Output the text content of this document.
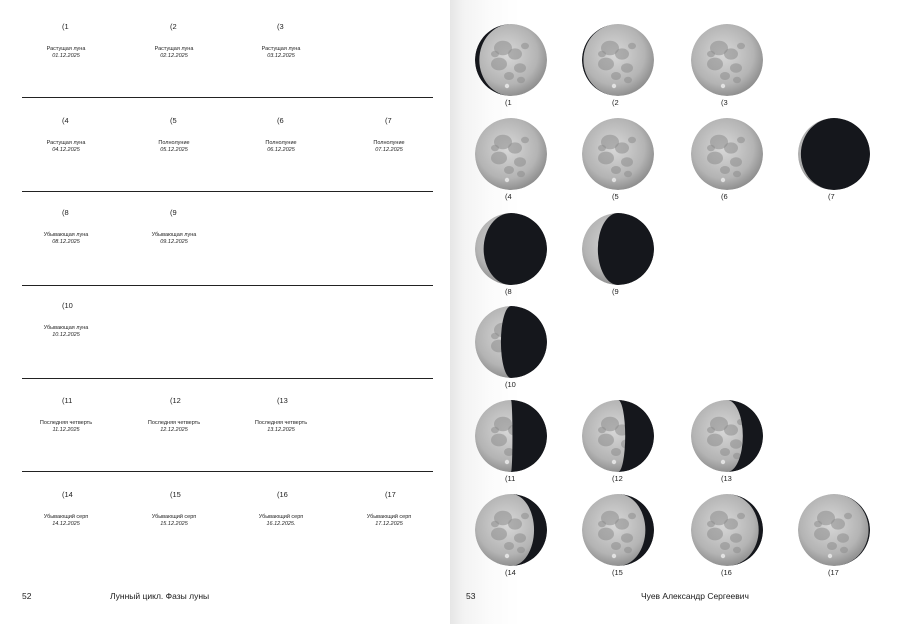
(1
Растущая луна
01.12.2025
(2
Растущая луна
02.12.2025
(3
Растущая луна
03.12.2025
(4
Растущая луна
04.12.2025
(5
Полнолуние
05.12.2025
(6
Полнолуние
06.12.2025
(7
Полнолуние
07.12.2025
(8
Убывающая луна
08.12.2025
(9
Убывающая луна
09.12.2025
(10
Убывающая луна
10.12.2025
(11
Последняя четверть
11.12.2025
(12
Последняя четверть
12.12.2025
(13
Последняя четверть
13.12.2025
(14
Убывающий серп
14.12.2025
(15
Убывающий серп
15.12.2025
(16
Убывающий серп
16.12.2025.
(17
Убывающий серп
17.12.2025
52	Лунный цикл. Фазы луны
(1	(2	(3
(4	(5	(6	(7
(8	(9
(10
(11	(12	(13
(14	(15	(16	(17
53	Чуев Александр Сергеевич
